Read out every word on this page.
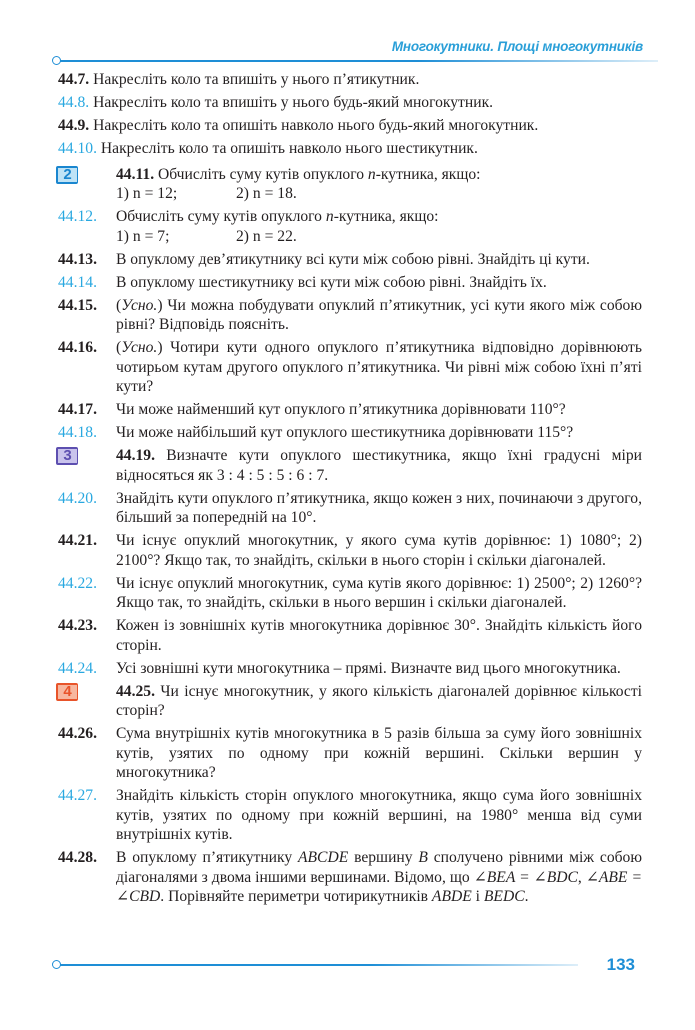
Многокутники. Площі многокутників
44.7. Накресліть коло та впишіть у нього п’ятикутник.
44.8. Накресліть коло та впишіть у нього будь-який многокутник.
44.9. Накресліть коло та опишіть навколо нього будь-який многокутник.
44.10. Накресліть коло та опишіть навколо нього шестикутник.
2	44.11. Обчисліть суму кутів опуклого n-кутника, якщо:
1) n = 12;	2) n = 18.
44.12. Обчисліть суму кутів опуклого n-кутника, якщо:
1) n = 7;	2) n = 22.
44.13. В опуклому дев’ятикутнику всі кути між собою рівні. Знайдіть ці кути.
44.14. В опуклому шестикутнику всі кути між собою рівні. Знайдіть їх.
44.15. (Усно.) Чи можна побудувати опуклий п’ятикутник, усі кути якого між собою рівні? Відповідь поясніть.
44.16. (Усно.) Чотири кути одного опуклого п’ятикутника відповідно дорівнюють чотирьом кутам другого опуклого п’ятикутника. Чи рівні між собою їхні п’яті кути?
44.17. Чи може найменший кут опуклого п’ятикутника дорівнювати 110°?
44.18. Чи може найбільший кут опуклого шестикутника дорівнювати 115°?
3	44.19. Визначте кути опуклого шестикутника, якщо їхні градусні міри відносяться як 3 : 4 : 5 : 5 : 6 : 7.
44.20. Знайдіть кути опуклого п’ятикутника, якщо кожен з них, починаючи з другого, більший за попередній на 10°.
44.21. Чи існує опуклий многокутник, у якого сума кутів дорівнює: 1) 1080°; 2) 2100°? Якщо так, то знайдіть, скільки в нього сторін і скільки діагоналей.
44.22. Чи існує опуклий многокутник, сума кутів якого дорівнює: 1) 2500°; 2) 1260°? Якщо так, то знайдіть, скільки в нього вершин і скільки діагоналей.
44.23. Кожен із зовнішніх кутів многокутника дорівнює 30°. Знайдіть кількість його сторін.
44.24. Усі зовнішні кути многокутника – прямі. Визначте вид цього многокутника.
4	44.25. Чи існує многокутник, у якого кількість діагоналей дорівнює кількості сторін?
44.26. Сума внутрішніх кутів многокутника в 5 разів більша за суму його зовнішніх кутів, узятих по одному при кожній вершині. Скільки вершин у многокутника?
44.27. Знайдіть кількість сторін опуклого многокутника, якщо сума його зовнішніх кутів, узятих по одному при кожній вершині, на 1980° менша від суми внутрішніх кутів.
44.28. В опуклому п’ятикутнику ABCDE вершину B сполучено рівними між собою діагоналями з двома іншими вершинами. Відомо, що ∠BEA = ∠BDC, ∠ABE = ∠CBD. Порівняйте периметри чотирикутників ABDE і BEDC.
133
